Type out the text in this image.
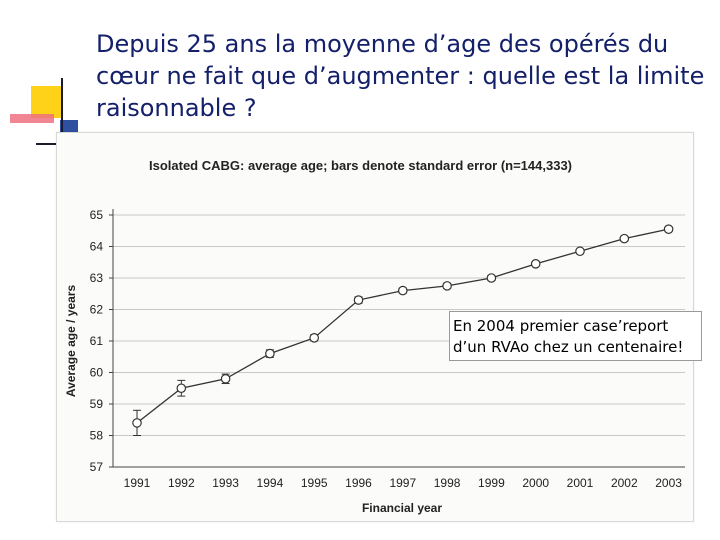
Depuis 25 ans la moyenne d’age des opérés du cœur ne fait que d’augmenter : quelle est la limite raisonnable ?
Isolated CABG: average age; bars denote standard error (n=144,333)
57
58
59
60
61
62
63
64
65
1991 1992 1993 1994 1995 1996 1997 1998 1999 2000 2001 2002 2003
Financial year
Average age / years	En 2004 premier case’report d’un RVAo chez un centenaire!
